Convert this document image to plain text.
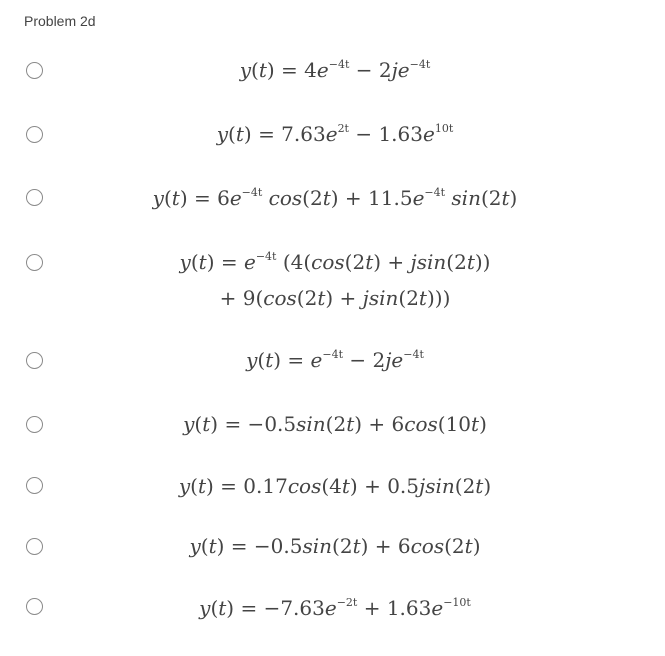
Problem 2d
$y(t) = 4e^{-4t} - 2je^{-4t}$
$y(t) = 7.63e^{2t} - 1.63e^{10t}$
$y(t) = 6e^{-4t}$ $\cos(2t) + 11.5e^{-4t}$ sin(2t)
$y(t) = e^{-4t}$ (4(cos(2t) + jsin(2t))
+ 9(cos(2t) + jsin(2t)))
$y(t) = e^{-4t} - 2je^{-4t}$
y(t) = −0.5sin(2t) + 6cos(10t)
y(t) = 0.17cos(4t) + 0.5jsin(2t)
y(t) = −0.5sin(2t) + 6cos(2t)
$y(t) = -7.63e^{-2t} + 1.63e^{-10t}$
